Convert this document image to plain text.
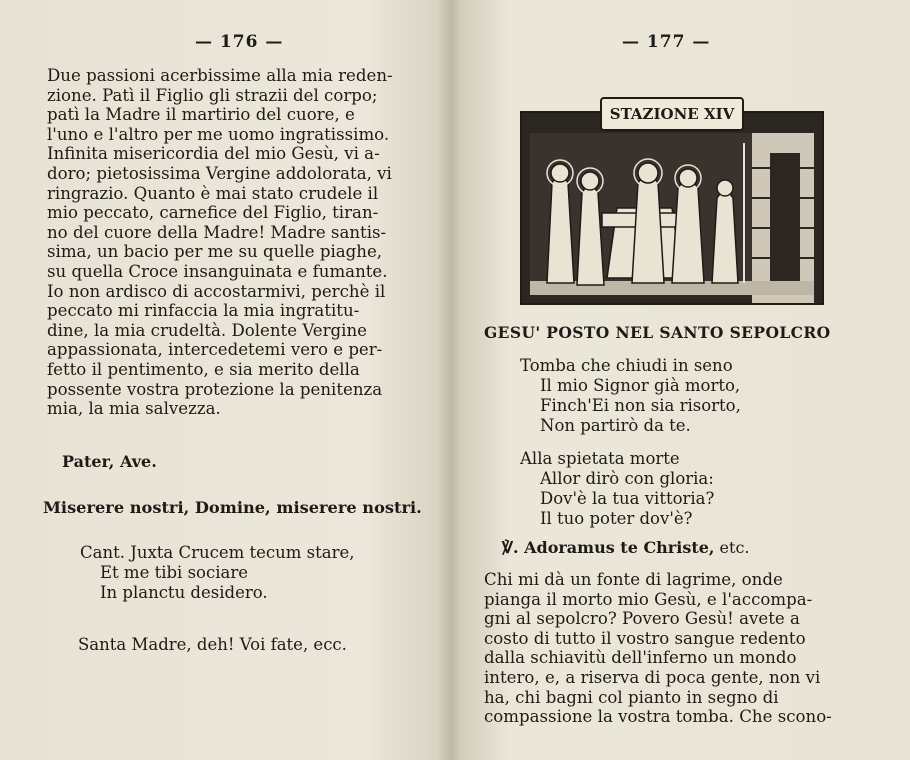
— 176 —
Due passioni acerbissime alla mia reden-
zione. Patì il Figlio gli strazii del corpo;
patì la Madre il martirio del cuore, e
l'uno e l'altro per me uomo ingratissimo.
Infinita misericordia del mio Gesù, vi a-
doro; pietosissima Vergine addolorata, vi
ringrazio. Quanto è mai stato crudele il
mio peccato, carnefice del Figlio, tiran-
no del cuore della Madre! Madre santis-
sima, un bacio per me su quelle piaghe,
su quella Croce insanguinata e fumante.
Io non ardisco di accostarmivi, perchè il
peccato mi rinfaccia la mia ingratitu-
dine, la mia crudeltà. Dolente Vergine
appassionata, intercedetemi vero e per-
fetto il pentimento, e sia merito della
possente vostra protezione la penitenza
mia, la mia salvezza.
Pater, Ave.
Miserere nostri, Domine, miserere nostri.
Cant. Juxta Crucem tecum stare,
Et me tibi sociare
In planctu desidero.
Santa Madre, deh! Voi fate, ecc.
— 177 —
STAZIONE XIV
GESU' POSTO NEL SANTO SEPOLCRO
Tomba che chiudi in seno
Il mio Signor già morto,
Finch'Ei non sia risorto,
Non partirò da te.
Alla spietata morte
Allor dirò con gloria:
Dov'è la tua vittoria?
Il tuo poter dov'è?
℣. Adoramus te Christe, etc.
Chi mi dà un fonte di lagrime, onde
pianga il morto mio Gesù, e l'accompa-
gni al sepolcro? Povero Gesù! avete a
costo di tutto il vostro sangue redento
dalla schiavitù dell'inferno un mondo
intero, e, a riserva di poca gente, non vi
ha, chi bagni col pianto in segno di
compassione la vostra tomba. Che scono-
